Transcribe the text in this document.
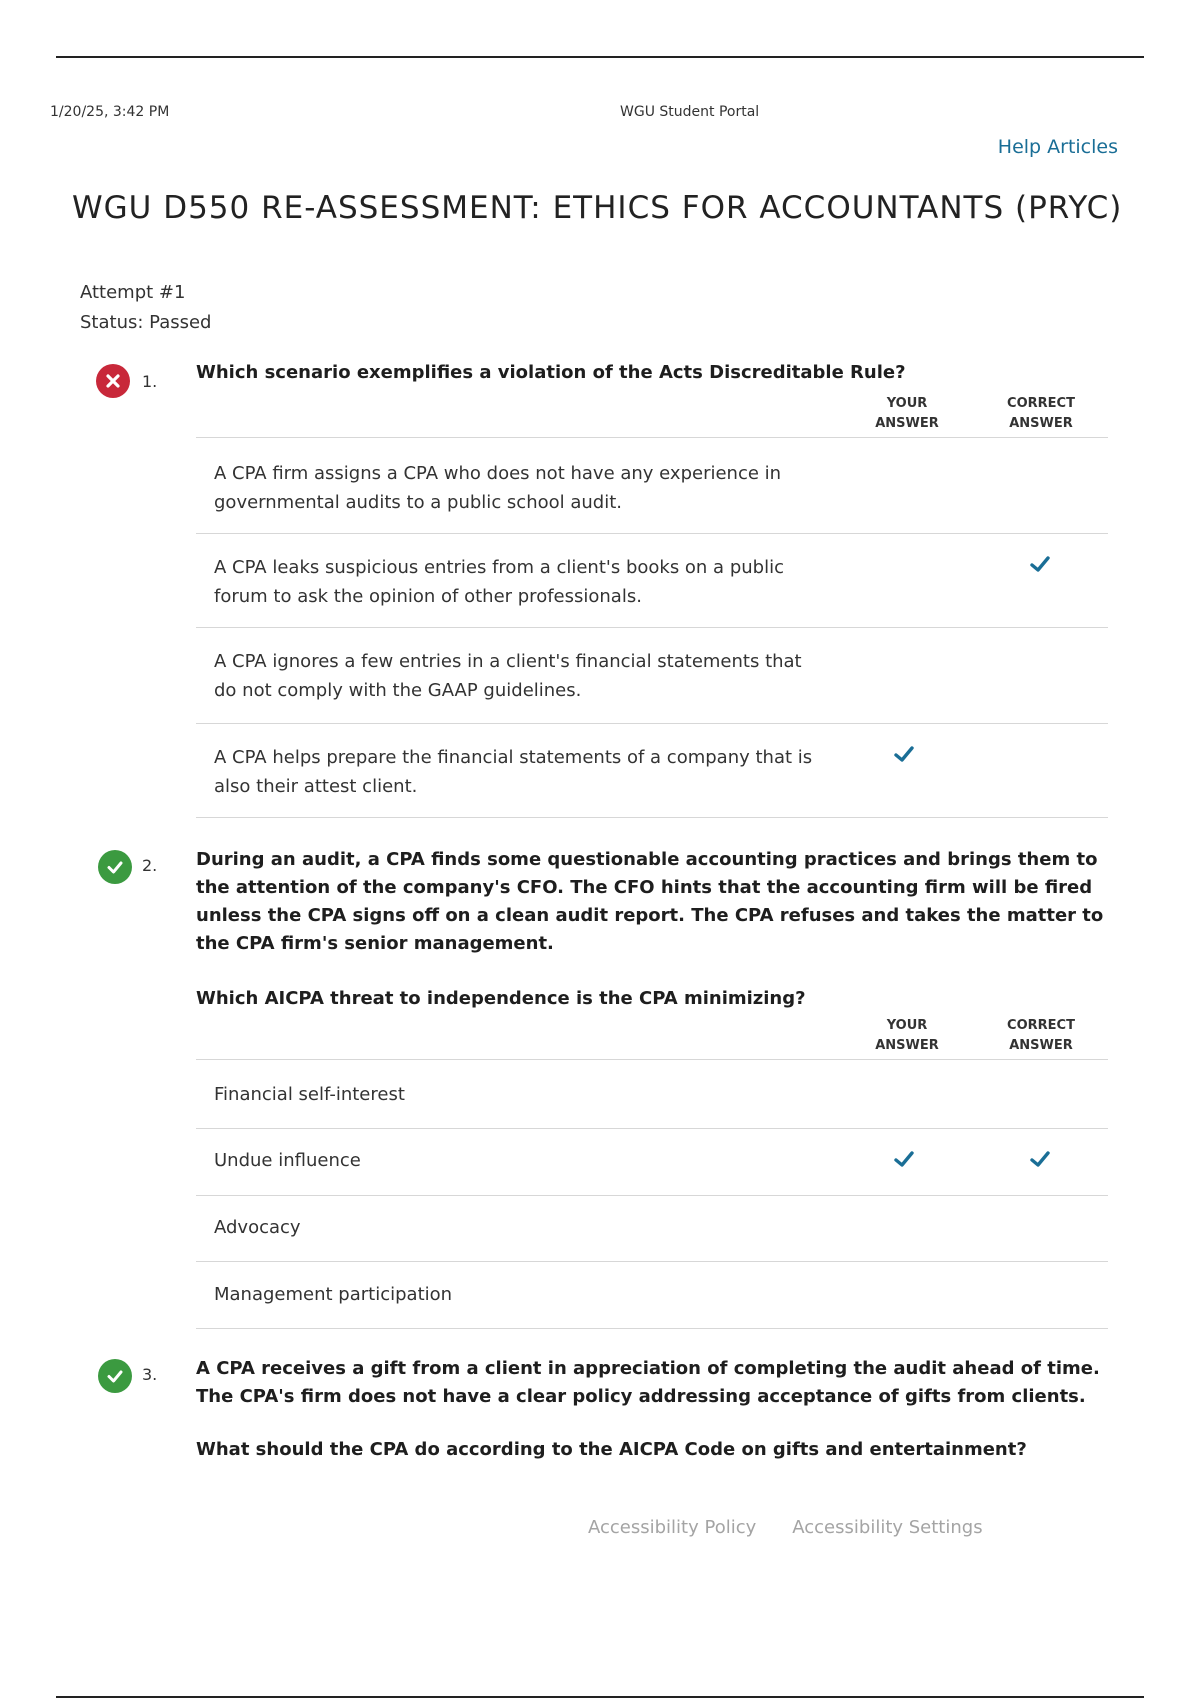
1/20/25, 3:42 PM	WGU Student Portal
Help Articles
WGU D550 RE-ASSESSMENT: ETHICS FOR ACCOUNTANTS (PRYC)
Attempt #1
Status: Passed
1. Which scenario exemplifies a violation of the Acts Discreditable Rule?
YOUR ANSWER
CORRECT ANSWER
A CPA firm assigns a CPA who does not have any experience in governmental audits to a public school audit.
A CPA leaks suspicious entries from a client's books on a public forum to ask the opinion of other professionals.
A CPA ignores a few entries in a client's financial statements that do not comply with the GAAP guidelines.
A CPA helps prepare the financial statements of a company that is also their attest client.
2. During an audit, a CPA finds some questionable accounting practices and brings them to the attention of the company's CFO. The CFO hints that the accounting firm will be fired unless the CPA signs off on a clean audit report. The CPA refuses and takes the matter to the CPA firm's senior management.
Which AICPA threat to independence is the CPA minimizing?
YOUR ANSWER
CORRECT ANSWER
Financial self-interest
Undue influence
Advocacy
Management participation
3. A CPA receives a gift from a client in appreciation of completing the audit ahead of time. The CPA's firm does not have a clear policy addressing acceptance of gifts from clients.
What should the CPA do according to the AICPA Code on gifts and entertainment?
Accessibility Policy Accessibility Settings
